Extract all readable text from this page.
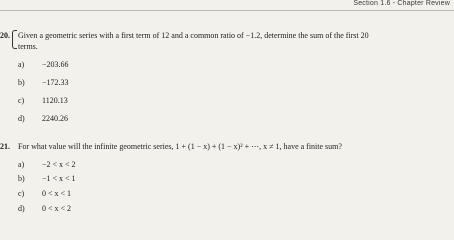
Section 1.6 - Chapter Review
20. Given a geometric series with a first term of 12 and a common ratio of −1.2, determine the sum of the first 20
terms.
a) −203.66
b) −172.33
c) 1120.13
d) 2240.26
21. For what value will the infinite geometric series, 1 + (1 − x) + (1 − x)² + ⋯, x ≠ 1, have a finite sum?
a) −2 < x < 2
b) −1 < x < 1
c) 0 < x < 1
d) 0 < x < 2
